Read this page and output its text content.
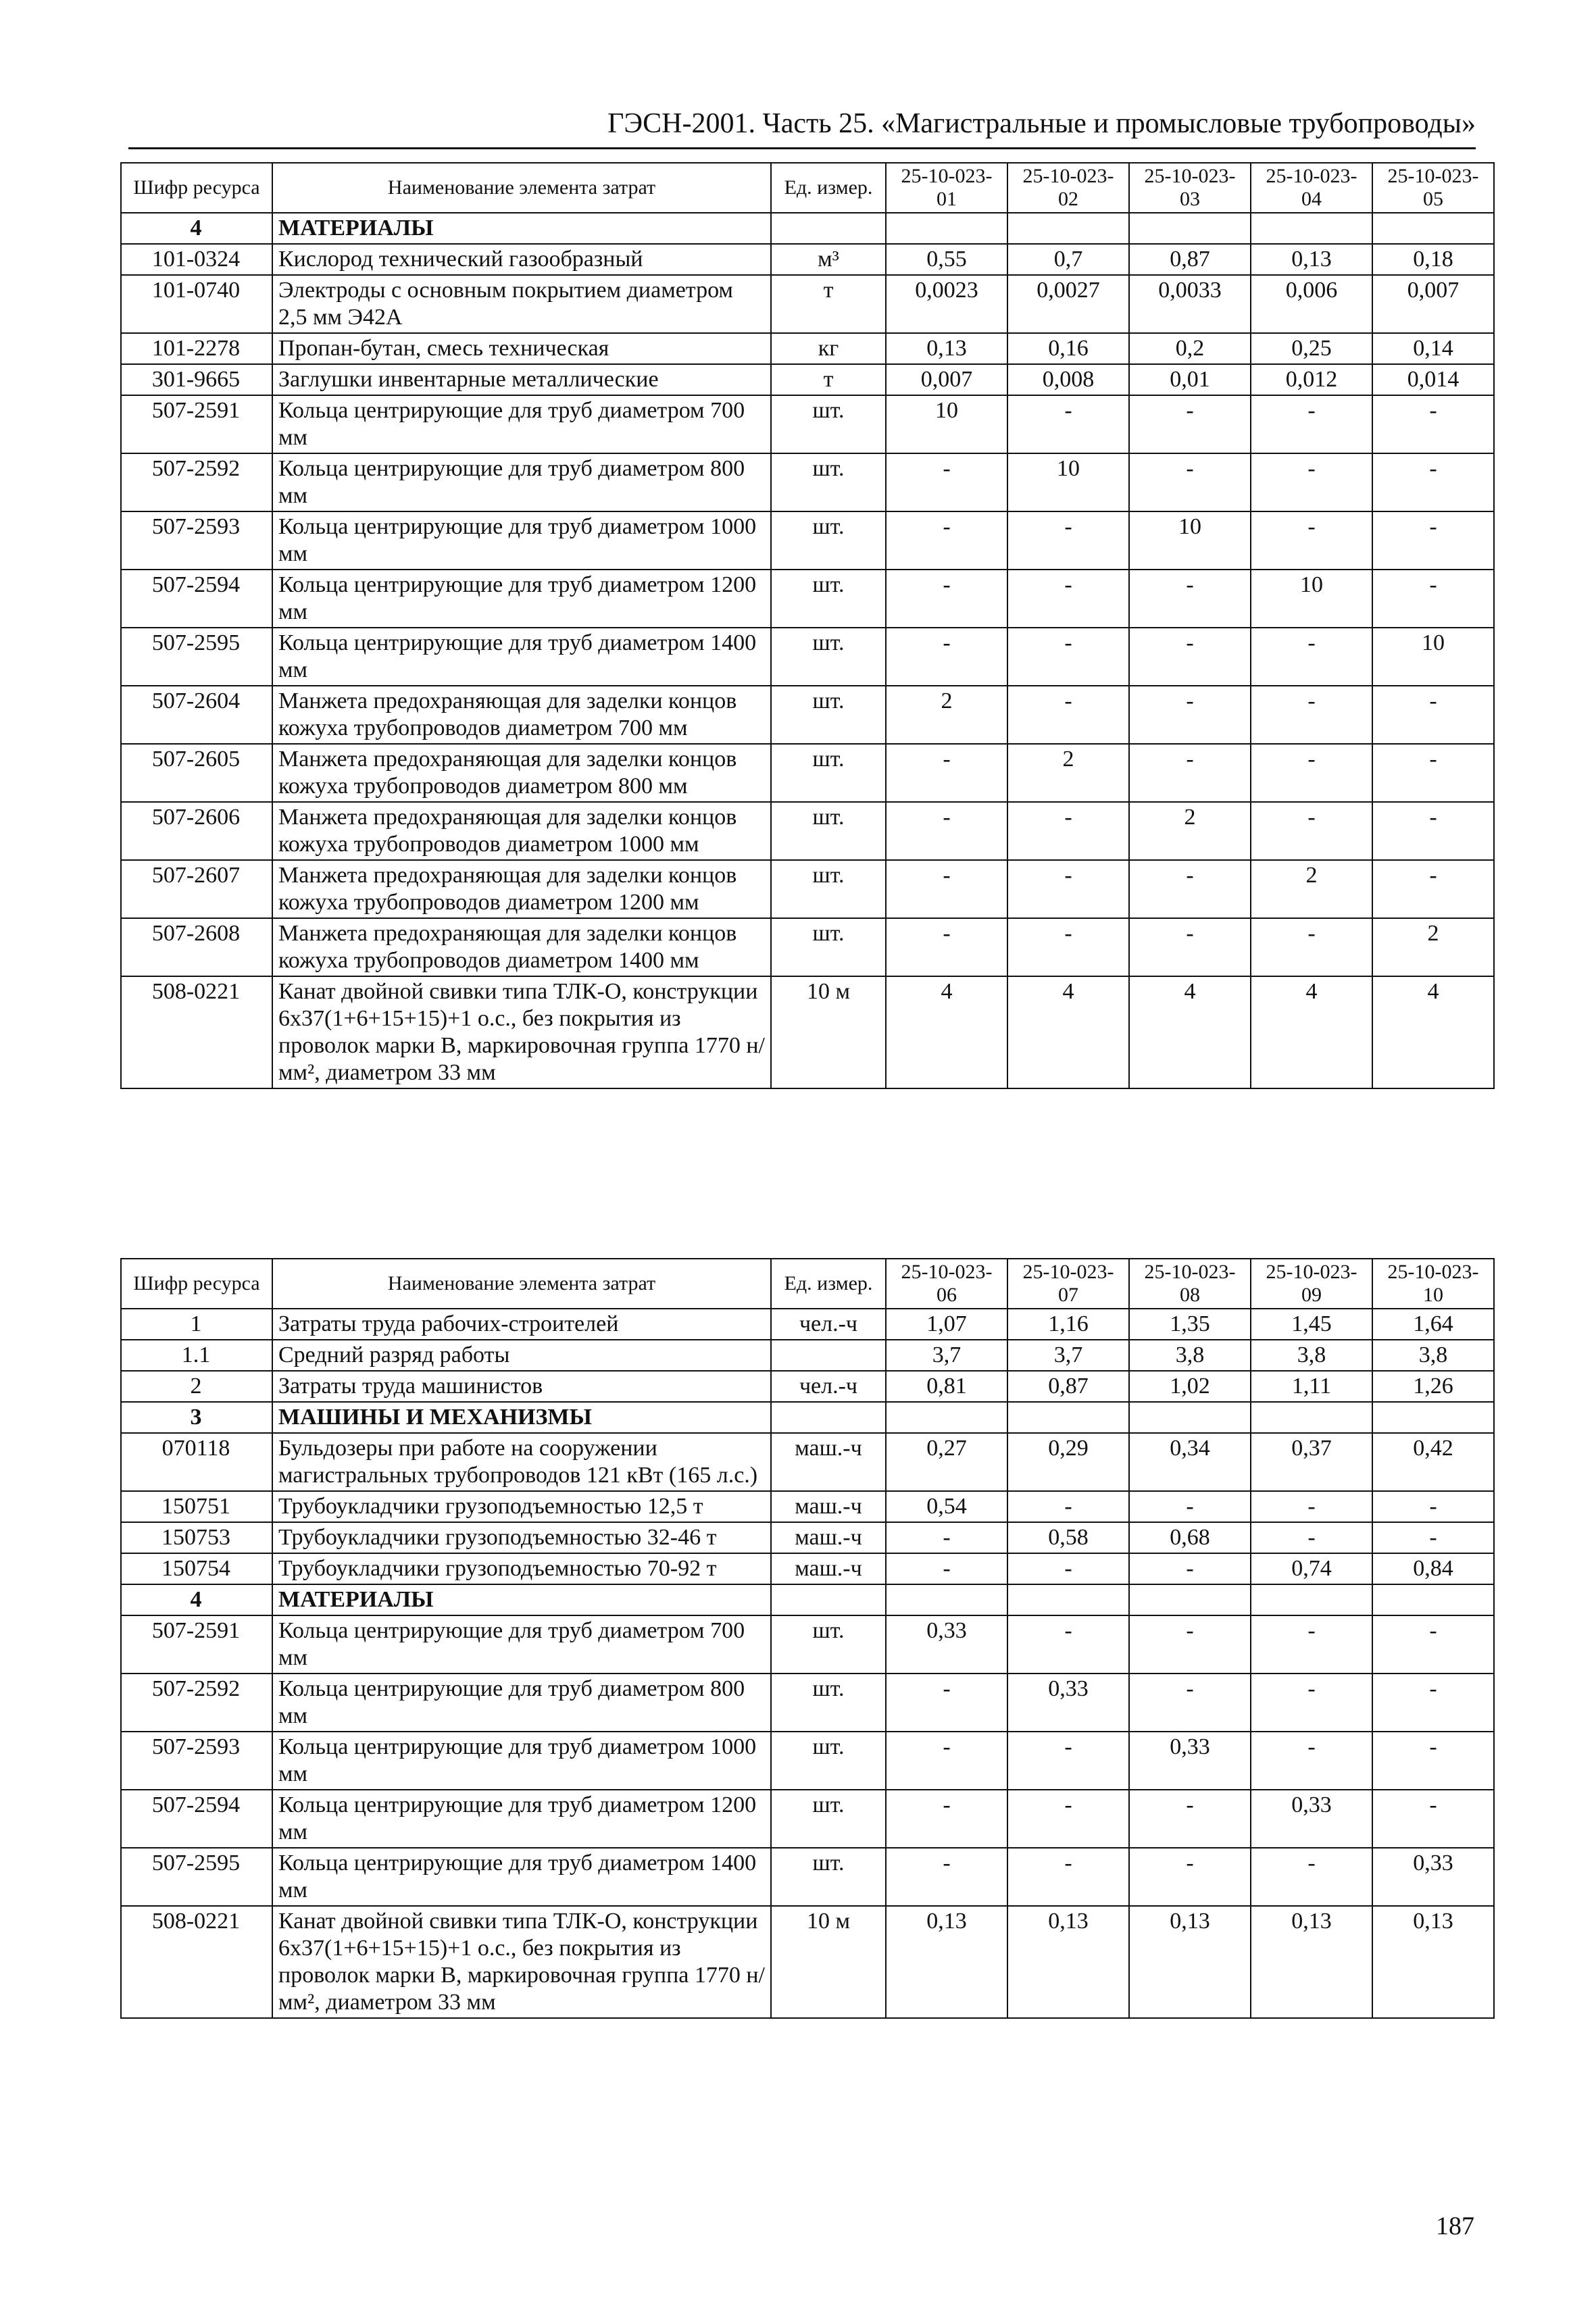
ГЭСН-2001. Часть 25. «Магистральные и промысловые трубопроводы»
Шифр ресурса	Наименование элемента затрат	Ед. измер.	25-10-023-01	25-10-023-02	25-10-023-03	25-10-023-04	25-10-023-05
4	МАТЕРИАЛЫ						
101-0324	Кислород технический газообразный	м³	0,55	0,7	0,87	0,13	0,18
101-0740	Электроды с основным покрытием диаметром 2,5 мм Э42А	т	0,0023	0,0027	0,0033	0,006	0,007
101-2278	Пропан-бутан, смесь техническая	кг	0,13	0,16	0,2	0,25	0,14
301-9665	Заглушки инвентарные металлические	т	0,007	0,008	0,01	0,012	0,014
507-2591	Кольца центрирующие для труб диаметром 700 мм	шт.	10	-	-	-	-
507-2592	Кольца центрирующие для труб диаметром 800 мм	шт.	-	10	-	-	-
507-2593	Кольца центрирующие для труб диаметром 1000 мм	шт.	-	-	10	-	-
507-2594	Кольца центрирующие для труб диаметром 1200 мм	шт.	-	-	-	10	-
507-2595	Кольца центрирующие для труб диаметром 1400 мм	шт.	-	-	-	-	10
507-2604	Манжета предохраняющая для заделки концов кожуха трубопроводов диаметром 700 мм	шт.	2	-	-	-	-
507-2605	Манжета предохраняющая для заделки концов кожуха трубопроводов диаметром 800 мм	шт.	-	2	-	-	-
507-2606	Манжета предохраняющая для заделки концов кожуха трубопроводов диаметром 1000 мм	шт.	-	-	2	-	-
507-2607	Манжета предохраняющая для заделки концов кожуха трубопроводов диаметром 1200 мм	шт.	-	-	-	2	-
507-2608	Манжета предохраняющая для заделки концов кожуха трубопроводов диаметром 1400 мм	шт.	-	-	-	-	2
508-0221	Канат двойной свивки типа ТЛК-О, конструкции 6х37(1+6+15+15)+1 о.с., без покрытия из проволок марки В, маркировочная группа 1770 н/мм², диаметром 33 мм	10 м	4	4	4	4	4
Шифр ресурса	Наименование элемента затрат	Ед. измер.	25-10-023-06	25-10-023-07	25-10-023-08	25-10-023-09	25-10-023-10
1	Затраты труда рабочих-строителей	чел.-ч	1,07	1,16	1,35	1,45	1,64
1.1	Средний разряд работы		3,7	3,7	3,8	3,8	3,8
2	Затраты труда машинистов	чел.-ч	0,81	0,87	1,02	1,11	1,26
3	МАШИНЫ И МЕХАНИЗМЫ						
070118	Бульдозеры при работе на сооружении магистральных трубопроводов 121 кВт (165 л.с.)	маш.-ч	0,27	0,29	0,34	0,37	0,42
150751	Трубоукладчики грузоподъемностью 12,5 т	маш.-ч	0,54	-	-	-	-
150753	Трубоукладчики грузоподъемностью 32-46 т	маш.-ч	-	0,58	0,68	-	-
150754	Трубоукладчики грузоподъемностью 70-92 т	маш.-ч	-	-	-	0,74	0,84
4	МАТЕРИАЛЫ						
507-2591	Кольца центрирующие для труб диаметром 700 мм	шт.	0,33	-	-	-	-
507-2592	Кольца центрирующие для труб диаметром 800 мм	шт.	-	0,33	-	-	-
507-2593	Кольца центрирующие для труб диаметром 1000 мм	шт.	-	-	0,33	-	-
507-2594	Кольца центрирующие для труб диаметром 1200 мм	шт.	-	-	-	0,33	-
507-2595	Кольца центрирующие для труб диаметром 1400 мм	шт.	-	-	-	-	0,33
508-0221	Канат двойной свивки типа ТЛК-О, конструкции 6х37(1+6+15+15)+1 о.с., без покрытия из проволок марки В, маркировочная группа 1770 н/мм², диаметром 33 мм	10 м	0,13	0,13	0,13	0,13	0,13
187
